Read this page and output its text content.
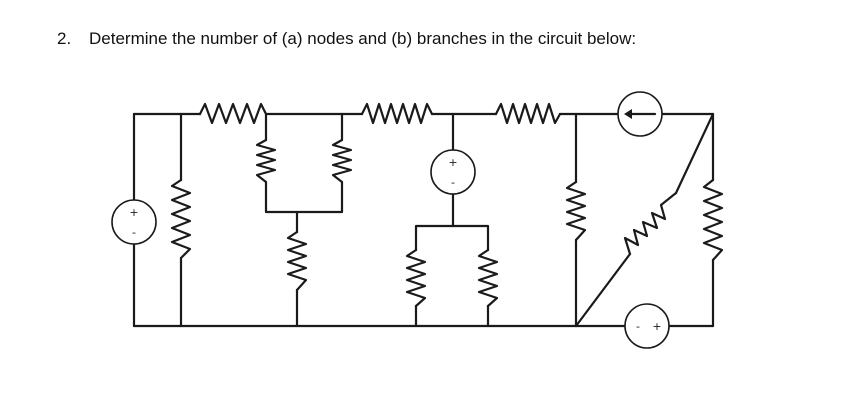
2. Determine the number of (a) nodes and (b) branches in the circuit below:
+
-
+
-
- +
